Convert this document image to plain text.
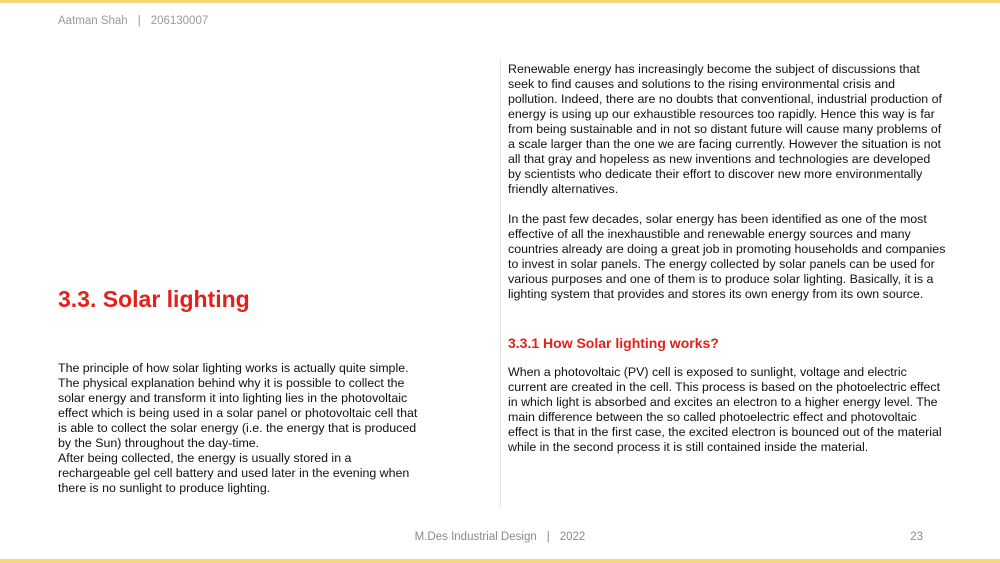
Aatman Shah | 206130007
3.3. Solar lighting

The principle of how solar lighting works is actually quite simple. The physical explanation behind why it is possible to collect the solar energy and transform it into lighting lies in the photovoltaic effect which is being used in a solar panel or photovoltaic cell that is able to collect the solar energy (i.e. the energy that is produced by the Sun) throughout the day-time.

After being collected, the energy is usually stored in a rechargeable gel cell battery and used later in the evening when there is no sunlight to produce lighting.

Renewable energy has increasingly become the subject of discussions that seek to find causes and solutions to the rising environmental crisis and pollution. Indeed, there are no doubts that conventional, industrial production of energy is using up our exhaustible resources too rapidly. Hence this way is far from being sustainable and in not so distant future will cause many problems of a scale larger than the one we are facing currently. However the situation is not all that gray and hopeless as new inventions and technologies are developed by scientists who dedicate their effort to discover new more environmentally friendly alternatives.

In the past few decades, solar energy has been identified as one of the most effective of all the inexhaustible and renewable energy sources and many countries already are doing a great job in promoting households and companies to invest in solar panels. The energy collected by solar panels can be used for various purposes and one of them is to produce solar lighting. Basically, it is a lighting system that provides and stores its own energy from its own source.

3.3.1 How Solar lighting works?

When a photovoltaic (PV) cell is exposed to sunlight, voltage and electric current are created in the cell. This process is based on the photoelectric effect in which light is absorbed and excites an electron to a higher energy level. The main difference between the so called photoelectric effect and photovoltaic effect is that in the first case, the excited electron is bounced out of the material while in the second process it is still contained inside the material.

M.Des Industrial Design | 2022	23
